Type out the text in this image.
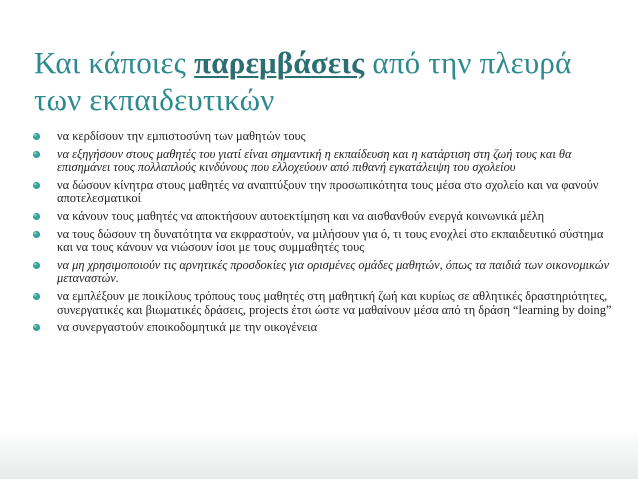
Και κάποιες παρεμβάσεις από την πλευρά των εκπαιδευτικών
να κερδίσουν την εμπιστοσύνη των μαθητών τους
να εξηγήσουν στους μαθητές του γιατί είναι σημαντική η εκπαίδευση και η κατάρτιση στη ζωή τους και θα επισημάνει τους πολλαπλούς κινδύνους που ελλοχεύουν από πιθανή εγκατάλειψη του σχολείου
να δώσουν κίνητρα στους μαθητές να αναπτύξουν την προσωπικότητα τους μέσα στο σχολείο και να φανούν αποτελεσματικοί
να κάνουν τους μαθητές να αποκτήσουν αυτοεκτίμηση και να αισθανθούν ενεργά κοινωνικά μέλη
να τους δώσουν τη δυνατότητα να εκφραστούν, να μιλήσουν για ό, τι τους ενοχλεί στο εκπαιδευτικό σύστημα και να τους κάνουν να νιώσουν ίσοι με τους συμμαθητές τους
να μη χρησιμοποιούν τις αρνητικές προσδοκίες για ορισμένες ομάδες μαθητών, όπως τα παιδιά των οικονομικών μεταναστών.
να εμπλέξουν με ποικίλους τρόπους τους μαθητές στη μαθητική ζωή και κυρίως σε αθλητικές δραστηριότητες, συνεργατικές και βιωματικές δράσεις, projects έτσι ώστε να μαθαίνουν μέσα από τη δράση “learning by doing”
να συνεργαστούν εποικοδομητικά με την οικογένεια
